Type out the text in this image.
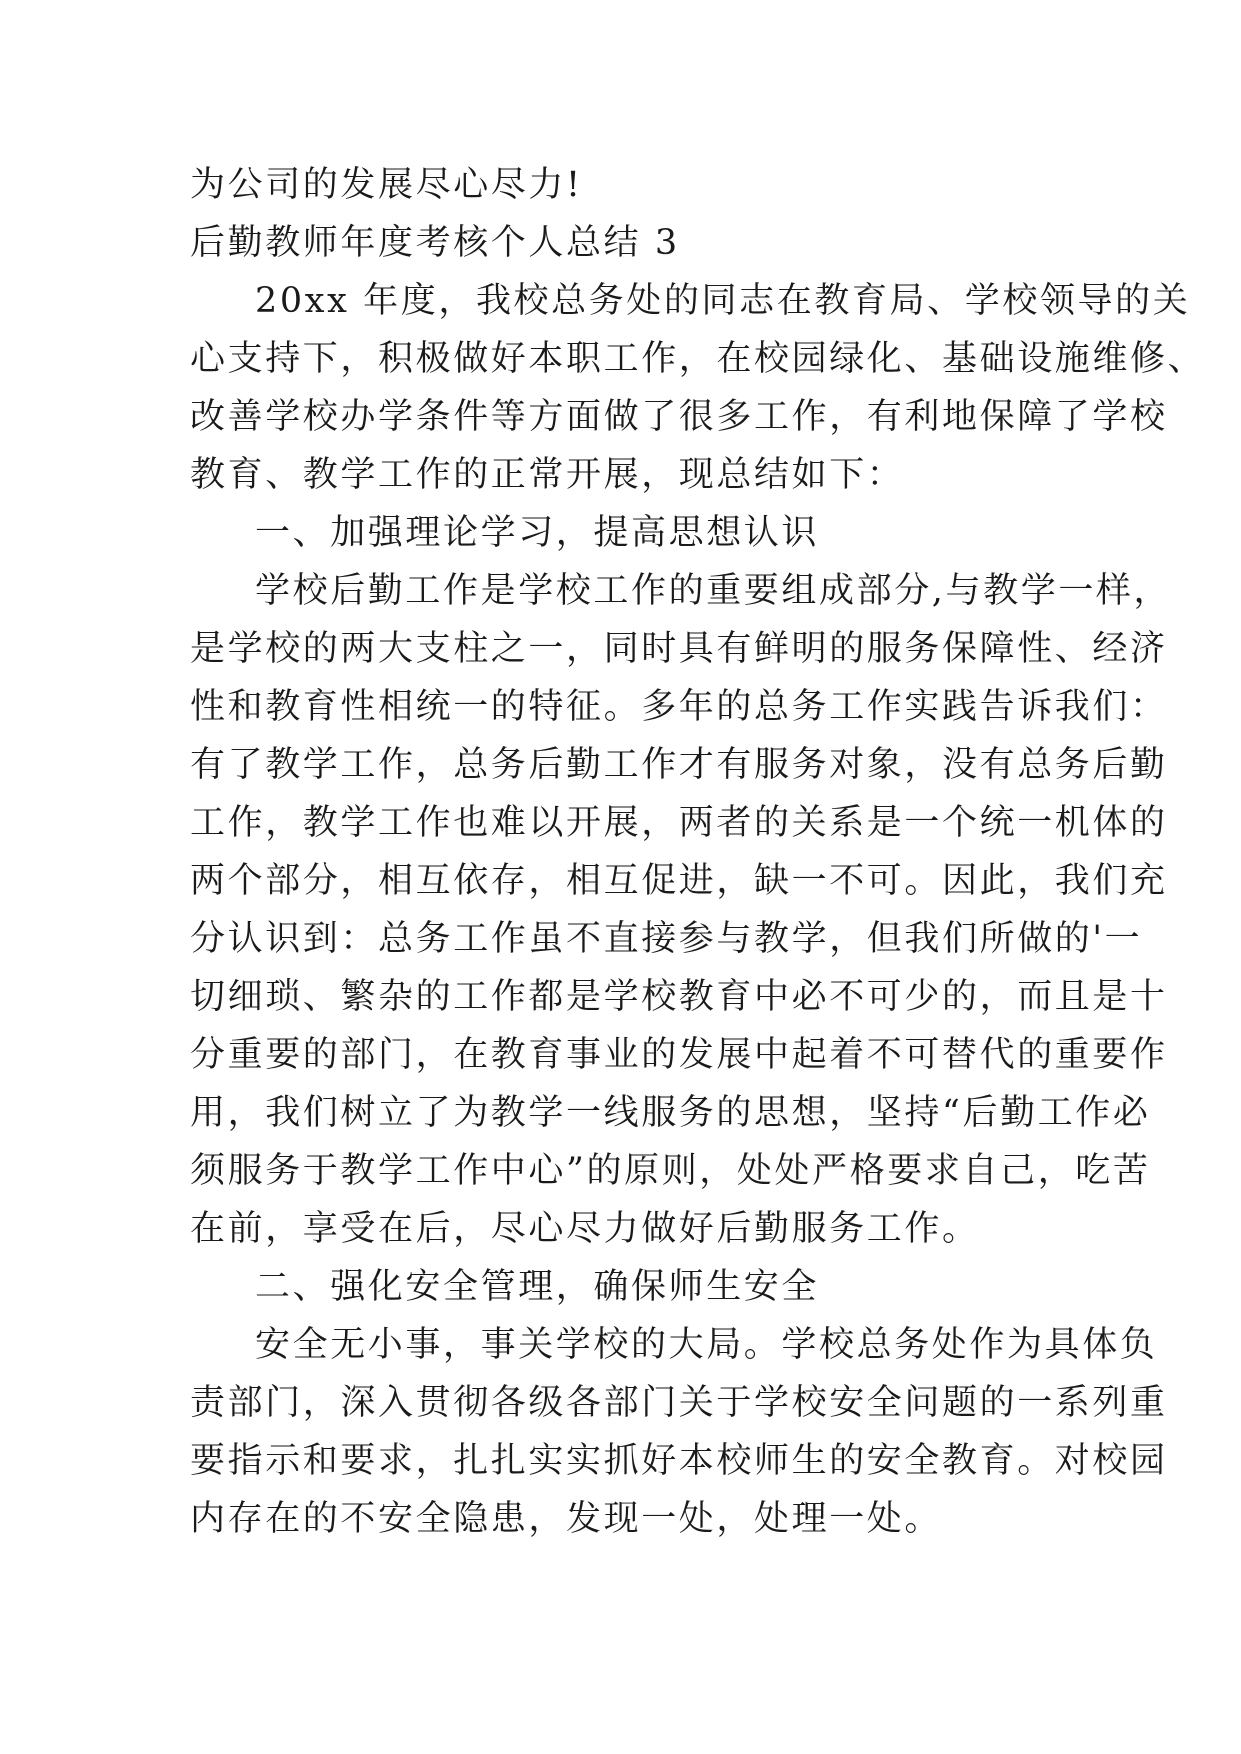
为公司的发展尽心尽力!
后勤教师年度考核个人总结 3
20xx 年度，我校总务处的同志在教育局、学校领导的关
心支持下，积极做好本职工作，在校园绿化、基础设施维修、
改善学校办学条件等方面做了很多工作，有利地保障了学校
教育、教学工作的正常开展，现总结如下：
一、加强理论学习，提高思想认识
学校后勤工作是学校工作的重要组成部分,与教学一样，
是学校的两大支柱之一，同时具有鲜明的服务保障性、经济
性和教育性相统一的特征。多年的总务工作实践告诉我们：
有了教学工作，总务后勤工作才有服务对象，没有总务后勤
工作，教学工作也难以开展，两者的关系是一个统一机体的
两个部分，相互依存，相互促进，缺一不可。因此，我们充
分认识到：总务工作虽不直接参与教学，但我们所做的'一
切细琐、繁杂的工作都是学校教育中必不可少的，而且是十
分重要的部门，在教育事业的发展中起着不可替代的重要作
用，我们树立了为教学一线服务的思想，坚持“后勤工作必
须服务于教学工作中心”的原则，处处严格要求自己，吃苦
在前，享受在后，尽心尽力做好后勤服务工作。
二、强化安全管理，确保师生安全
安全无小事，事关学校的大局。学校总务处作为具体负
责部门，深入贯彻各级各部门关于学校安全问题的一系列重
要指示和要求，扎扎实实抓好本校师生的安全教育。对校园
内存在的不安全隐患，发现一处，处理一处。
